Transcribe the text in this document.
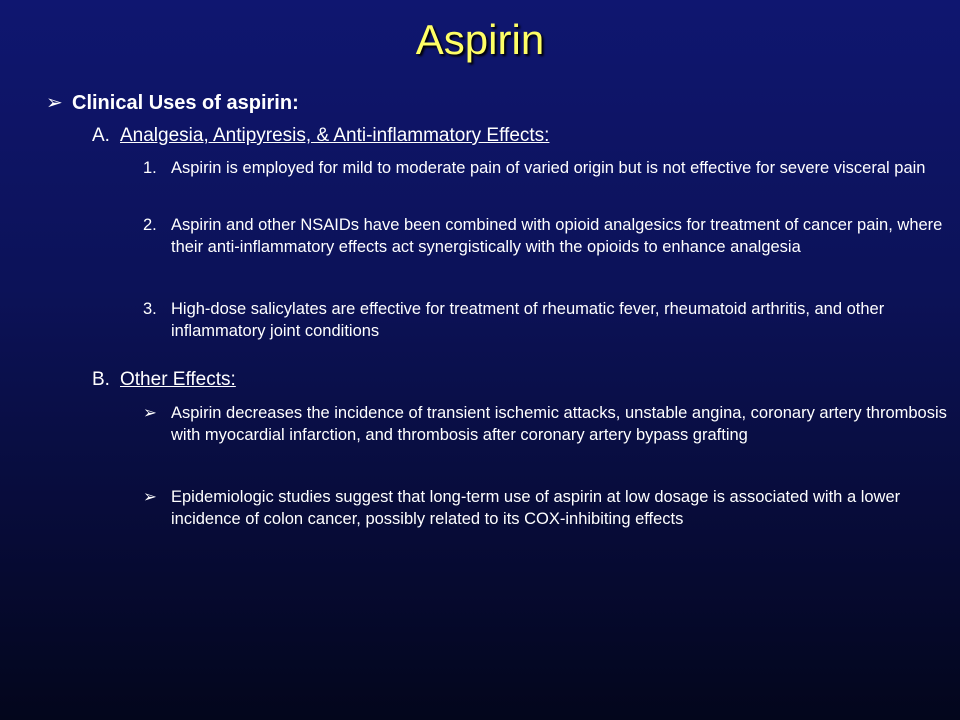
Aspirin
➢ Clinical Uses of aspirin:
A. Analgesia, Antipyresis, & Anti-inflammatory Effects:
1. Aspirin is employed for mild to moderate pain of varied origin but is not effective for severe visceral pain
2. Aspirin and other NSAIDs have been combined with opioid analgesics for treatment of cancer pain, where their anti-inflammatory effects act synergistically with the opioids to enhance analgesia
3. High-dose salicylates are effective for treatment of rheumatic fever, rheumatoid arthritis, and other inflammatory joint conditions
B. Other Effects:
➢ Aspirin decreases the incidence of transient ischemic attacks, unstable angina, coronary artery thrombosis with myocardial infarction, and thrombosis after coronary artery bypass grafting
➢ Epidemiologic studies suggest that long-term use of aspirin at low dosage is associated with a lower incidence of colon cancer, possibly related to its COX-inhibiting effects
